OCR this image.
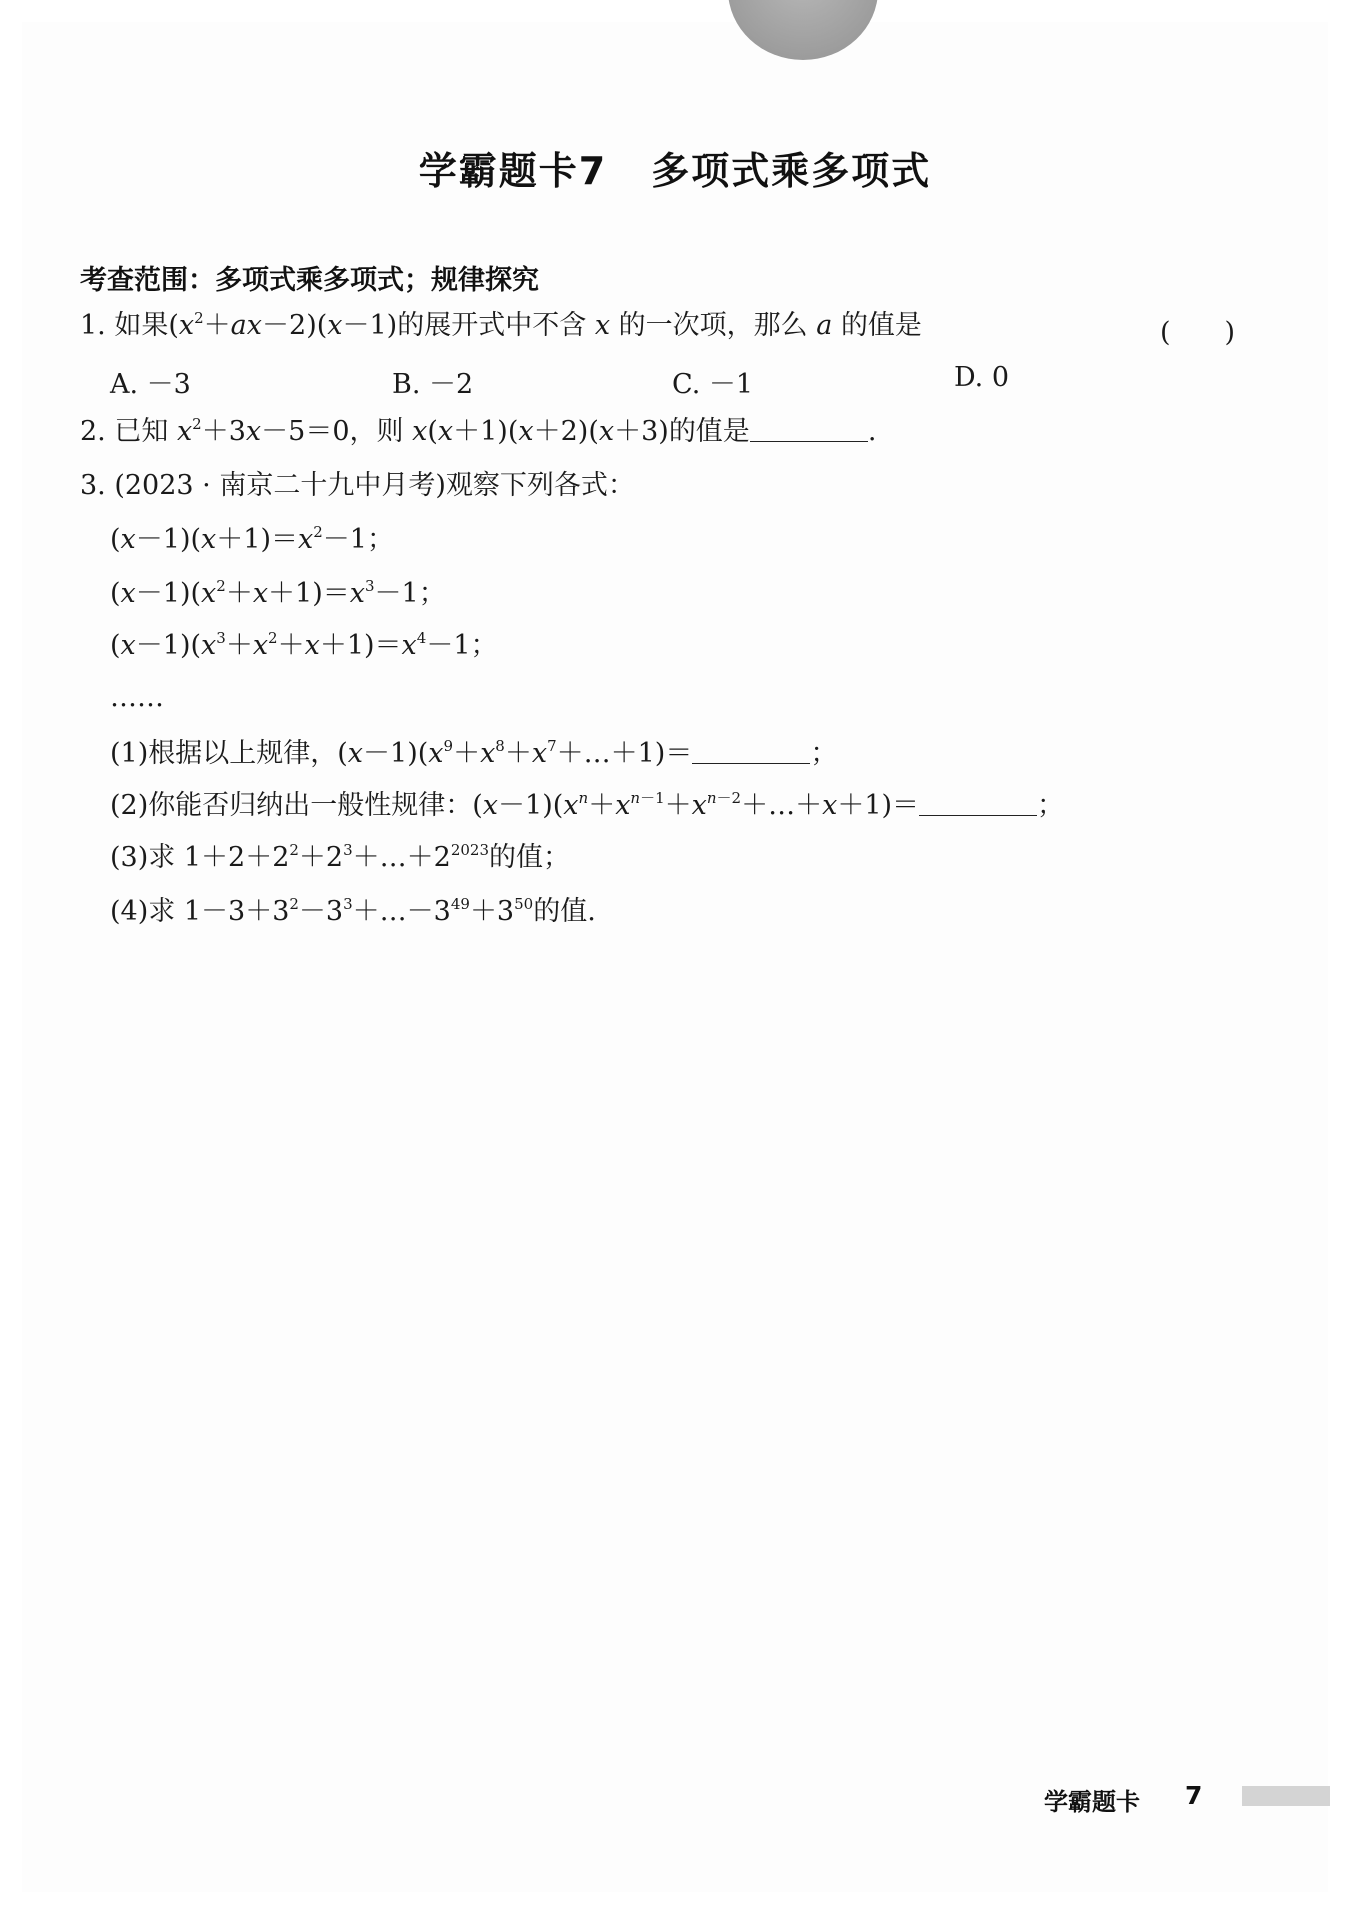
学霸题卡7 多项式乘多项式
考查范围：多项式乘多项式；规律探究
1. 如果$(x^2+ax-2)(x-1)$的展开式中不含 x 的一次项，那么 a 的值是	(　　)
A. －3	B. －2	C. －1	D. 0
2. 已知 $x^2+3x-5=0$，则 x(x＋1)(x＋2)(x＋3)的值是	.
3. (2023 · 南京二十九中月考)观察下列各式：
$(x-1)(x+1)=x^2-1$；
$(x-1)(x^2+x+1)=x^3-1$；
$(x-1)(x^3+x^2+x+1)=x^4-1$；
……
(1)根据以上规律，$(x-1)(x^9+x^8+x^7+\dots+1)=$	；
(2)你能否归纳出一般性规律：$(x-1)(x^n+x^{n-1}+x^{n-2}+\dots+x+1)=$	；
(3)求 $1+2+2^2+2^3+\dots+2^{2023}$的值；
(4)求 $1-3+3^2-3^3+\dots-3^{49}+3^{50}$的值.
学霸题卡 7
